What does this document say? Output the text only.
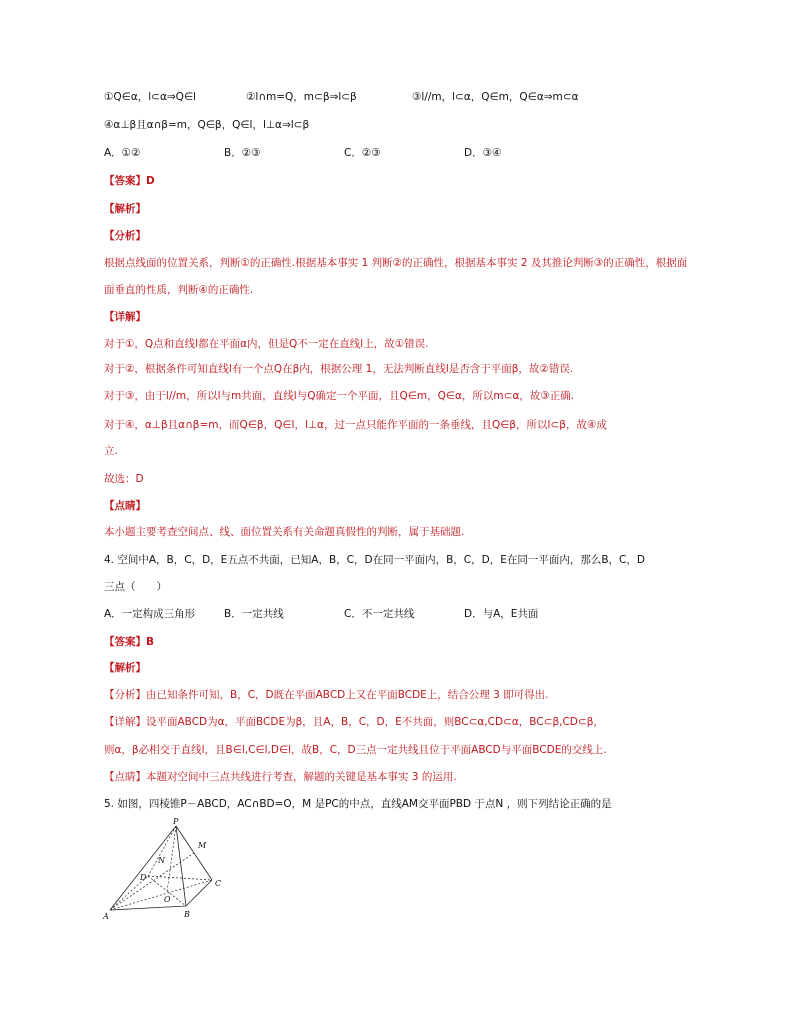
①Q∈α，l⊂α⇒Q∈l	②l∩m=Q，m⊂β⇒l⊂β	③l//m，l⊂α，Q∈m，Q∈α⇒m⊂α
④α⊥β且α∩β=m，Q∈β，Q∈l，l⊥α⇒l⊂β
A．①②	B．②③	C．②③	D．③④
【答案】D
【解析】
【分析】
根据点线面的位置关系，判断①的正确性.根据基本事实 1 判断②的正确性，根据基本事实 2 及其推论判断③的正确性，根据面
面垂直的性质，判断④的正确性.
【详解】
对于①，Q点和直线l都在平面α内，但是Q不一定在直线l上，故①错误.
对于②，根据条件可知直线l有一个点Q在β内，根据公理 1，无法判断直线l是否含于平面β，故②错误.
对于③，由于l//m，所以l与m共面，直线l与Q确定一个平面，且Q∈m，Q∈α，所以m⊂α，故③正确.
对于④，α⊥β且α∩β=m，而Q∈β，Q∈l，l⊥α，过一点只能作平面的一条垂线，且Q∈β，所以l⊂β，故④成
立.
故选：D
【点睛】
本小题主要考查空间点、线、面位置关系有关命题真假性的判断，属于基础题.
4. 空间中A，B，C，D，E五点不共面，已知A，B，C，D在同一平面内，B，C，D，E在同一平面内，那么B，C，D
三点（　　）
A．一定构成三角形	B．一定共线	C．不一定共线	D．与A，E共面
【答案】B
【解析】
【分析】由已知条件可知，B，C，D既在平面ABCD上又在平面BCDE上，结合公理 3 即可得出.
【详解】设平面ABCD为α，平面BCDE为β，且A，B，C，D，E不共面，则BC⊂α,CD⊂α，BC⊂β,CD⊂β，
则α，β必相交于直线l，且B∈l,C∈l,D∈l，故B，C，D三点一定共线且位于平面ABCD与平面BCDE的交线上.
【点睛】本题对空间中三点共线进行考查，解题的关键是基本事实 3 的运用.
5. 如图，四棱锥P－ABCD，AC∩BD=O，M 是PC的中点，直线AM交平面PBD 于点N ，则下列结论正确的是
P
M
N
D
C
O
A	B
